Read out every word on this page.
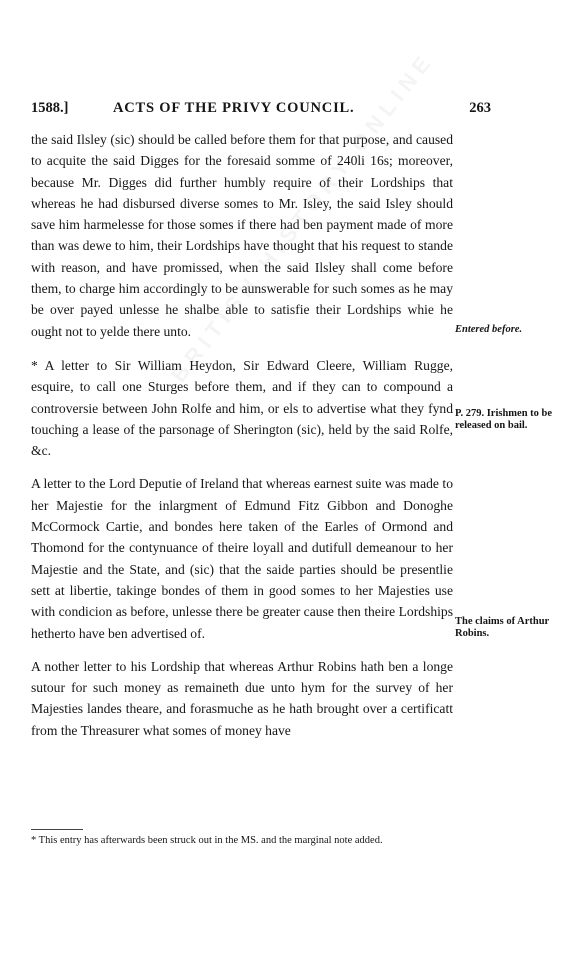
1588.]	ACTS OF THE PRIVY COUNCIL.	263

the said Ilsley (sic) should be called before them for that purpose, and caused to acquite the said Digges for the foresaid somme of 240li 16s; moreover, because Mr. Digges did further humbly require of their Lordships that whereas he had disbursed diverse somes to Mr. Isley, the said Isley should save him harmelesse for those somes if there had ben payment made of more than was dewe to him, their Lordships have thought that his request to stande with reason, and have promissed, when the said Ilsley shall come before them, to charge him accordingly to be aunswerable for such somes as he may be over payed unlesse he shalbe able to satisfie their Lordships whie he ought not to yelde there unto.

* A letter to Sir William Heydon, Sir Edward Cleere, William Rugge, esquire, to call one Sturges before them, and if they can to compound a controversie between John Rolfe and him, or els to advertise what they fynd touching a lease of the parsonage of Sherington (sic), held by the said Rolfe, &c.

A letter to the Lord Deputie of Ireland that whereas earnest suite was made to her Majestie for the inlargment of Edmund Fitz Gibbon and Donoghe McCormock Cartie, and bondes here taken of the Earles of Ormond and Thomond for the contynuance of theire loyall and dutifull demeanour to her Majestie and the State, and (sic) that the saide parties should be presentlie sett at libertie, takinge bondes of them in good somes to her Majesties use with condicion as before, unlesse there be greater cause then theire Lordships hetherto have ben advertised of.

A nother letter to his Lordship that whereas Arthur Robins hath ben a longe sutour for such money as remaineth due unto hym for the survey of her Majesties landes theare, and forasmuche as he hath brought over a certificatt from the Threasurer what somes of money have

Entered before.
P. 279. Irishmen to be released on bail.
The claims of Arthur Robins.
* This entry has afterwards been struck out in the MS. and the marginal note added.
